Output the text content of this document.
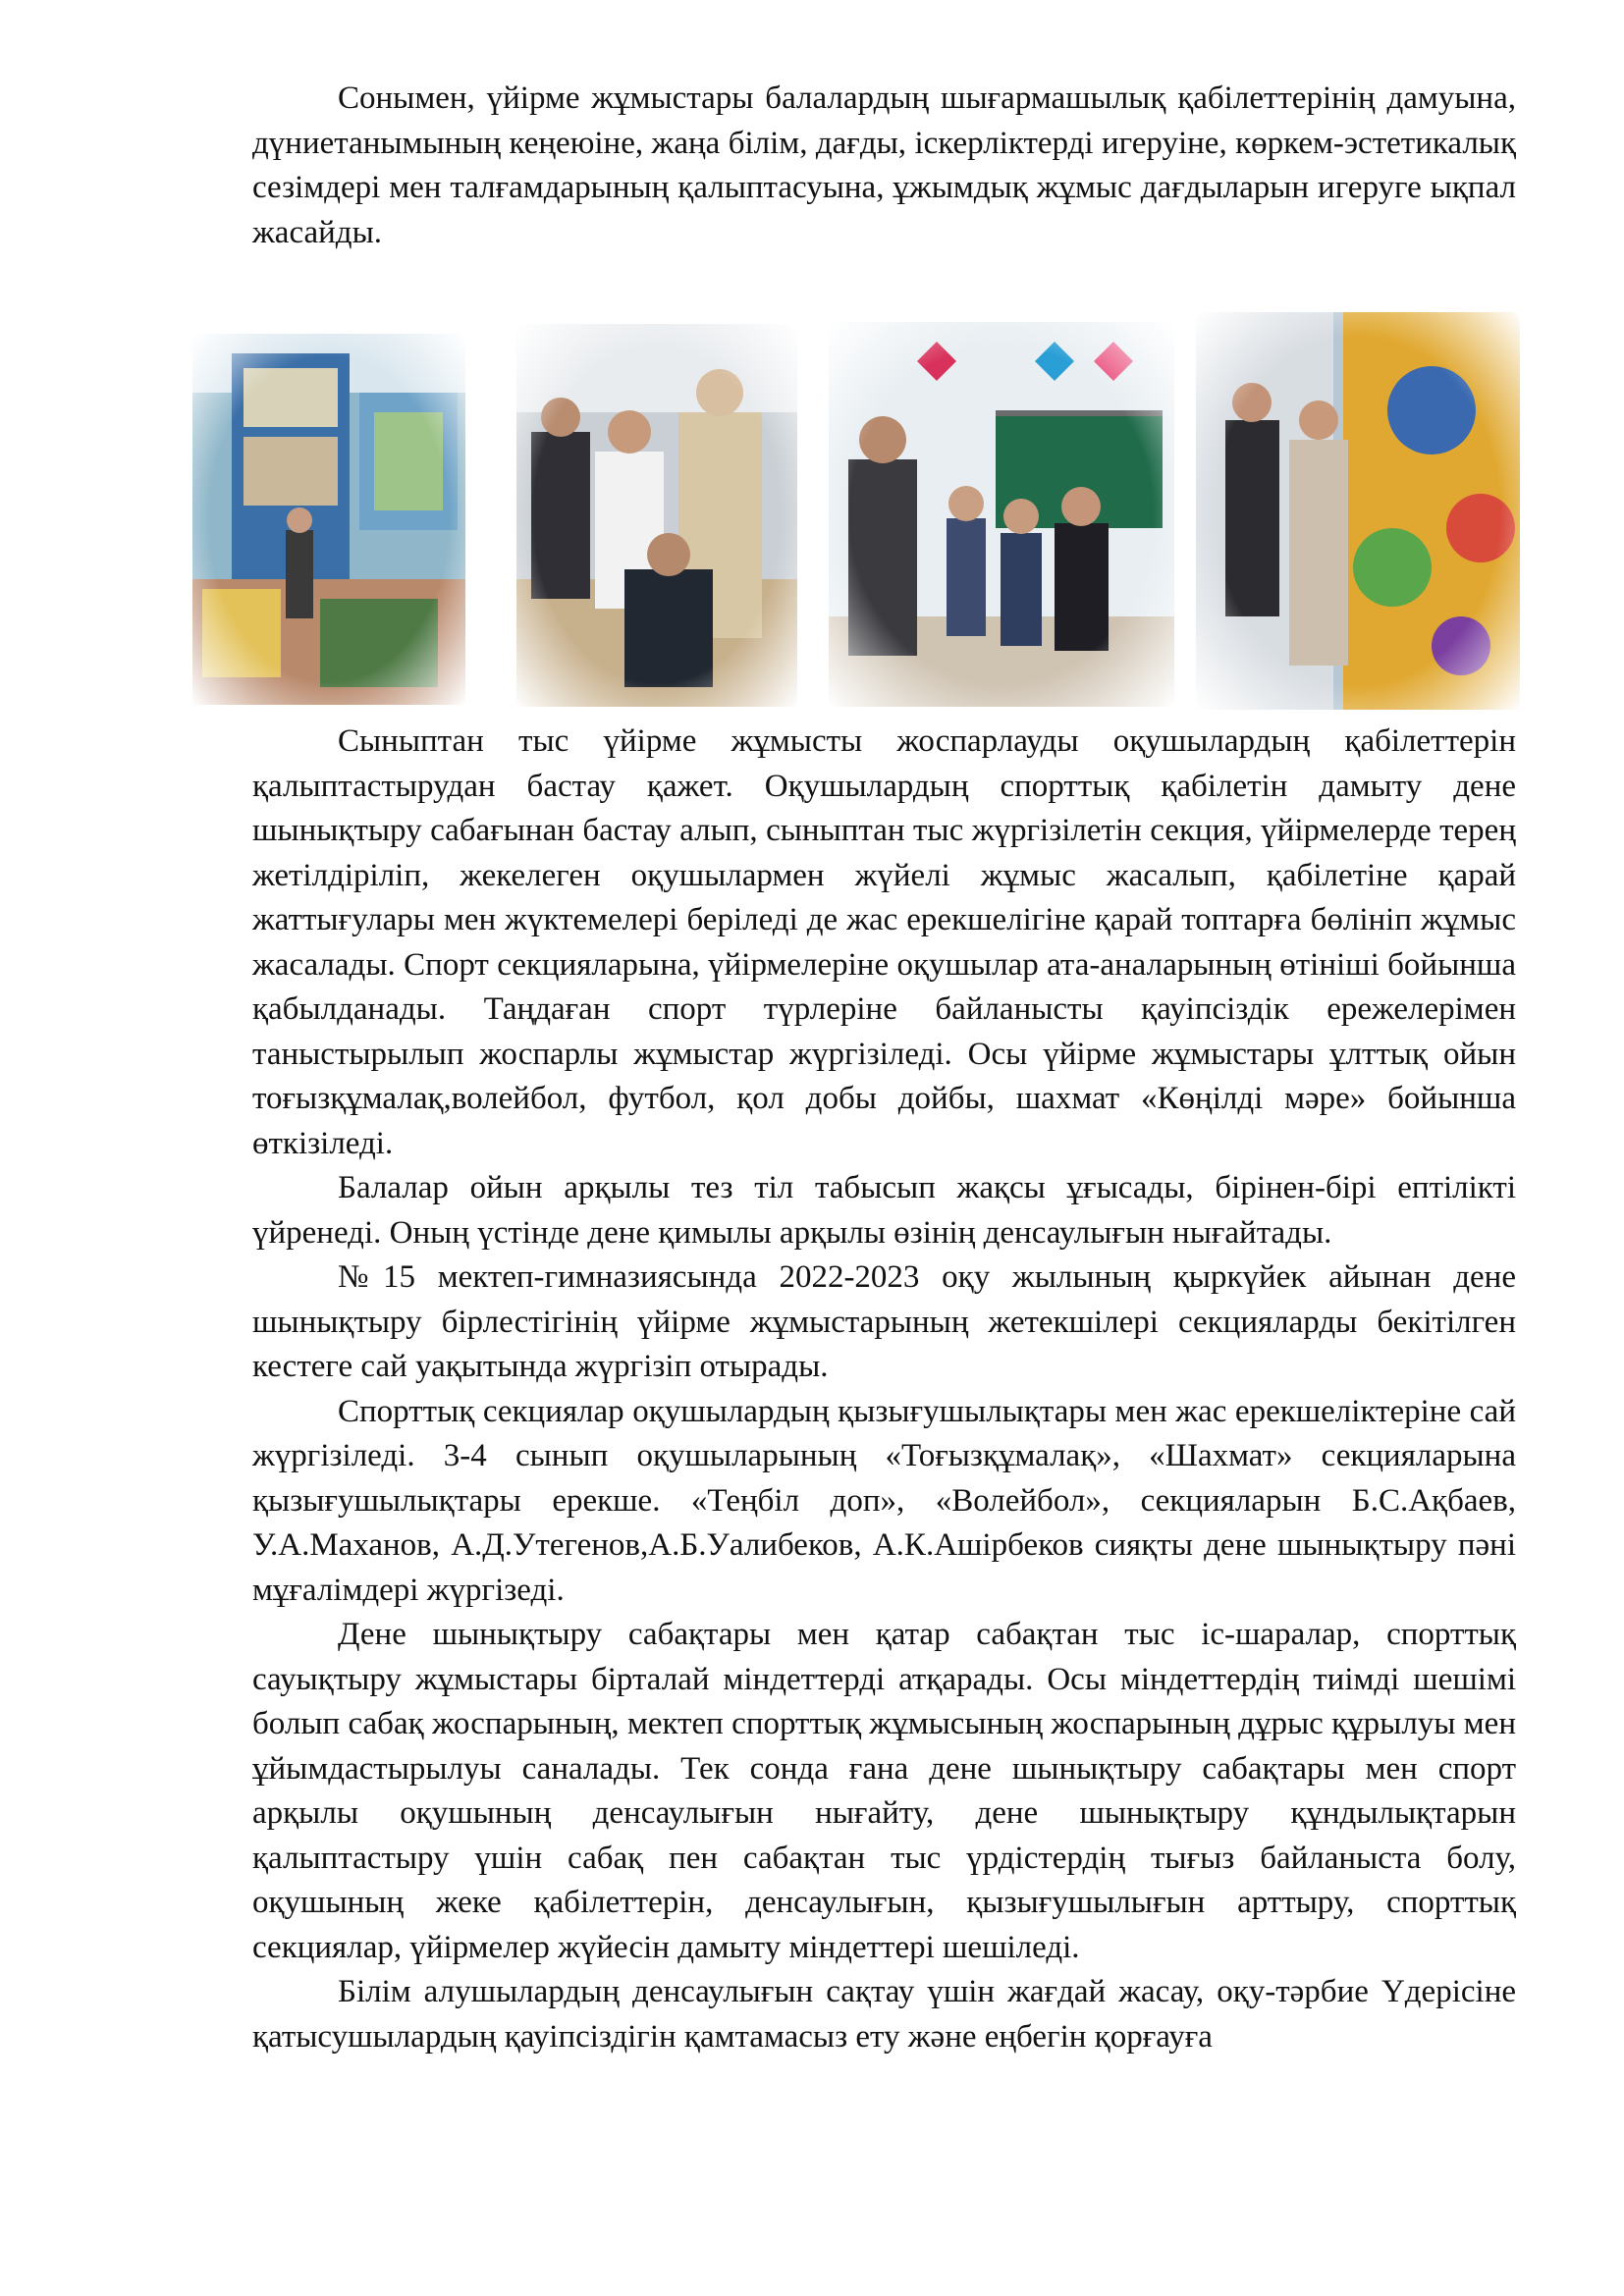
Сонымен, үйірме жұмыстары балалардың шығармашылық қабілеттерінің дамуына, дүниетанымының кеңеюіне, жаңа білім, дағды, іскерліктерді игеруіне, көркем-эстетикалық сезімдері мен талғамдарының қалыптасуына, ұжымдық жұмыс дағдыларын игеруге ықпал жасайды.

Сыныптан тыс үйірме жұмысты жоспарлауды оқушылардың қабілеттерін қалыптастырудан бастау қажет. Оқушылардың спорттық қабілетін дамыту дене шынықтыру сабағынан бастау алып, сыныптан тыс жүргізілетін секция, үйірмелерде терең жетілдіріліп, жекелеген оқушылармен жүйелі жұмыс жасалып, қабілетіне қарай жаттығулары мен жүктемелері беріледі де жас ерекшелігіне қарай топтарға бөлініп жұмыс жасалады. Спорт секцияларына, үйірмелеріне оқушылар ата-аналарының өтініші бойынша қабылданады. Таңдаған спорт түрлеріне байланысты қауіпсіздік ережелерімен таныстырылып жоспарлы жұмыстар жүргізіледі. Осы үйірме жұмыстары ұлттық ойын тоғызқұмалақ,волейбол, футбол, қол добы дойбы, шахмат «Көңілді мәре» бойынша өткізіледі.

Балалар ойын арқылы тез тіл табысып жақсы ұғысады, бірінен-бірі ептілікті үйренеді. Оның үстінде дене қимылы арқылы өзінің денсаулығын нығайтады.

№15 мектеп-гимназиясында 2022-2023 оқу жылының қыркүйек айынан дене шынықтыру бірлестігінің үйірме жұмыстарының жетекшілері секцияларды бекітілген кестеге сай уақытында жүргізіп отырады.

Спорттық секциялар оқушылардың қызығушылықтары мен жас ерекшеліктеріне сай жүргізіледі. 3-4 сынып оқушыларының «Тоғызқұмалақ», «Шахмат» секцияларына қызығушылықтары ерекше. «Теңбіл доп», «Волейбол», секцияларын Б.С.Ақбаев, У.А.Маханов, А.Д.Утегенов,А.Б.Уалибеков, А.К.Ашірбеков сияқты дене шынықтыру пәні мұғалімдері жүргізеді.

Дене шынықтыру сабақтары мен қатар сабақтан тыс іс-шаралар, спорттық сауықтыру жұмыстары бірталай міндеттерді атқарады. Осы міндеттердің тиімді шешімі болып сабақ жоспарының, мектеп спорттық жұмысының жоспарының дұрыс құрылуы мен ұйымдастырылуы саналады. Тек сонда ғана дене шынықтыру сабақтары мен спорт арқылы оқушының денсаулығын нығайту, дене шынықтыру құндылықтарын қалыптастыру үшін сабақ пен сабақтан тыс үрдістердің тығыз байланыста болу, оқушының жеке қабілеттерін, денсаулығын, қызығушылығын арттыру, спорттық секциялар, үйірмелер жүйесін дамыту міндеттері шешіледі.

Білім алушылардың денсаулығын сақтау үшін жағдай жасау, оқу-тәрбие Үдерісіне қатысушылардың қауіпсіздігін қамтамасыз ету және еңбегін қорғауға
